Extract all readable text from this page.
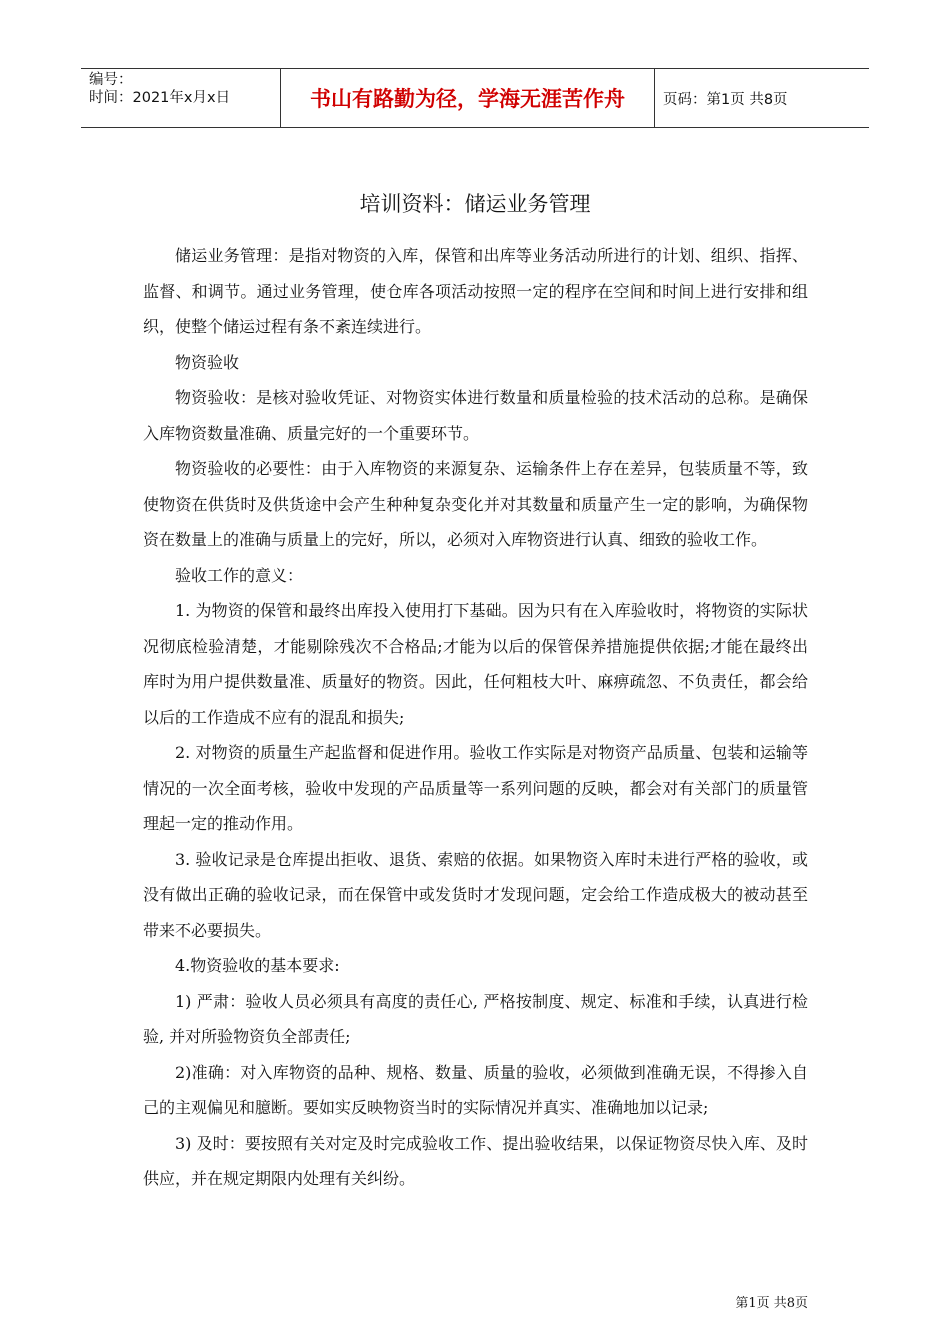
编号：
时间：2021年x月x日	书山有路勤为径，学海无涯苦作舟	页码：第1页 共8页
培训资料：储运业务管理

储运业务管理：是指对物资的入库，保管和出库等业务活动所进行的计划、组织、指挥、监督、和调节。通过业务管理，使仓库各项活动按照一定的程序在空间和时间上进行安排和组织，使整个储运过程有条不紊连续进行。

物资验收

物资验收：是核对验收凭证、对物资实体进行数量和质量检验的技术活动的总称。是确保入库物资数量准确、质量完好的一个重要环节。

物资验收的必要性：由于入库物资的来源复杂、运输条件上存在差异，包装质量不等，致使物资在供货时及供货途中会产生种种复杂变化并对其数量和质量产生一定的影响，为确保物资在数量上的准确与质量上的完好，所以，必须对入库物资进行认真、细致的验收工作。

验收工作的意义：

1. 为物资的保管和最终出库投入使用打下基础。因为只有在入库验收时，将物资的实际状况彻底检验清楚，才能剔除残次不合格品;才能为以后的保管保养措施提供依据;才能在最终出库时为用户提供数量准、质量好的物资。因此，任何粗枝大叶、麻痹疏忽、不负责任，都会给以后的工作造成不应有的混乱和损失;

2. 对物资的质量生产起监督和促进作用。验收工作实际是对物资产品质量、包装和运输等情况的一次全面考核，验收中发现的产品质量等一系列问题的反映，都会对有关部门的质量管理起一定的推动作用。

3. 验收记录是仓库提出拒收、退货、索赔的依据。如果物资入库时未进行严格的验收，或没有做出正确的验收记录，而在保管中或发货时才发现问题，定会给工作造成极大的被动甚至带来不必要损失。

4.物资验收的基本要求:

1) 严肃：验收人员必须具有高度的责任心, 严格按制度、规定、标准和手续，认真进行检验, 并对所验物资负全部责任;

2)准确：对入库物资的品种、规格、数量、质量的验收，必须做到准确无误，不得掺入自己的主观偏见和臆断。要如实反映物资当时的实际情况并真实、准确地加以记录;

3) 及时：要按照有关对定及时完成验收工作、提出验收结果，以保证物资尽快入库、及时供应，并在规定期限内处理有关纠纷。

第1页 共8页
